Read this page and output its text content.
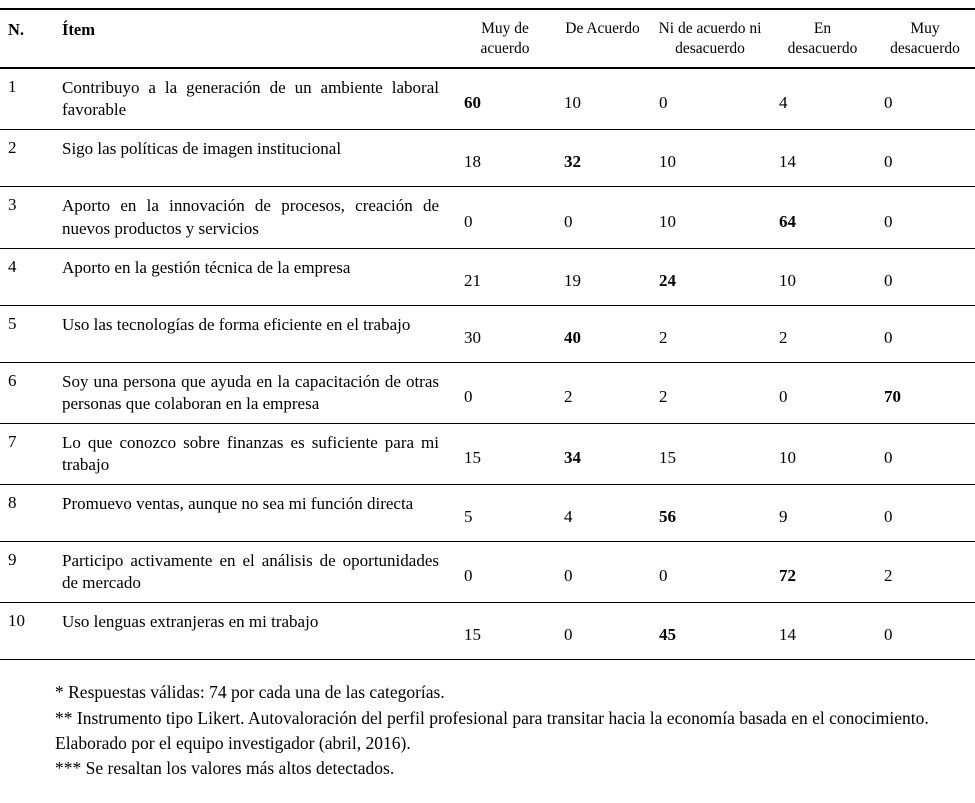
N.	Ítem	Muy de acuerdo	De Acuerdo	Ni de acuerdo ni desacuerdo	En desacuerdo	Muy desacuerdo
1	Contribuyo a la generación de un ambiente laboral favorable	60	10	0	4	0
2	Sigo las políticas de imagen institucional	18	32	10	14	0
3	Aporto en la innovación de procesos, creación de nuevos productos y servicios	0	0	10	64	0
4	Aporto en la gestión técnica de la empresa	21	19	24	10	0
5	Uso las tecnologías de forma eficiente en el trabajo	30	40	2	2	0
6	Soy una persona que ayuda en la capacitación de otras personas que colaboran en la empresa	0	2	2	0	70
7	Lo que conozco sobre finanzas es suficiente para mi trabajo	15	34	15	10	0
8	Promuevo ventas, aunque no sea mi función directa	5	4	56	9	0
9	Participo activamente en el análisis de oportunidades de mercado	0	0	0	72	2
10	Uso lenguas extranjeras en mi trabajo	15	0	45	14	0

* Respuestas válidas: 74 por cada una de las categorías.

** Instrumento tipo Likert. Autovaloración del perfil profesional para transitar hacia la economía basada en el conocimiento. Elaborado por el equipo investigador (abril, 2016).

*** Se resaltan los valores más altos detectados.
